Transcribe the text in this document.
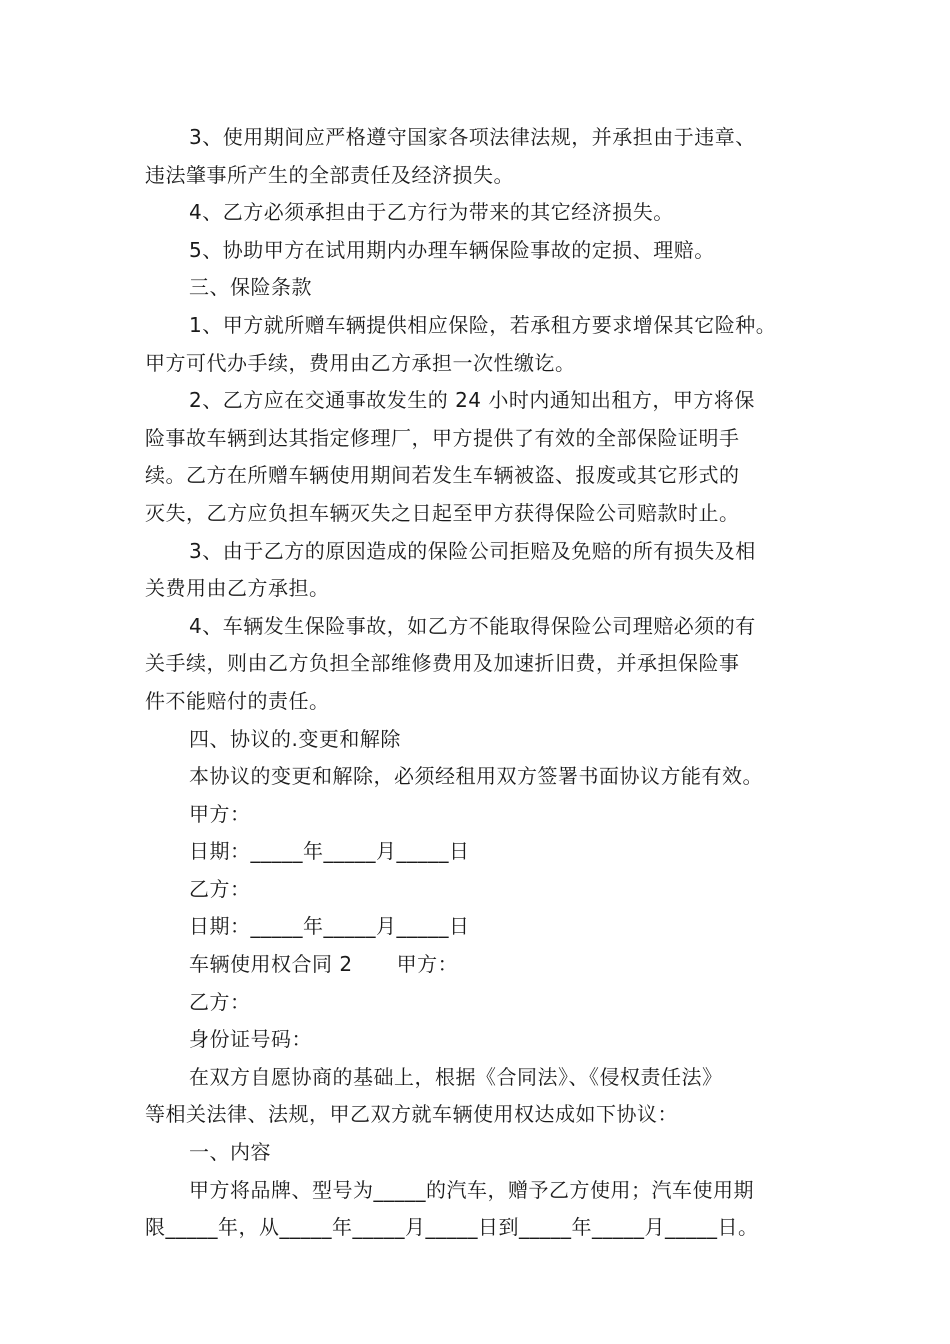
3、使用期间应严格遵守国家各项法律法规，并承担由于违章、
违法肇事所产生的全部责任及经济损失。
4、乙方必须承担由于乙方行为带来的其它经济损失。
5、协助甲方在试用期内办理车辆保险事故的定损、理赔。
三、保险条款
1、甲方就所赠车辆提供相应保险，若承租方要求增保其它险种。
甲方可代办手续，费用由乙方承担一次性缴讫。
2、乙方应在交通事故发生的 24 小时内通知出租方，甲方将保
险事故车辆到达其指定修理厂，甲方提供了有效的全部保险证明手
续。乙方在所赠车辆使用期间若发生车辆被盗、报废或其它形式的
灭失，乙方应负担车辆灭失之日起至甲方获得保险公司赔款时止。
3、由于乙方的原因造成的保险公司拒赔及免赔的所有损失及相
关费用由乙方承担。
4、车辆发生保险事故，如乙方不能取得保险公司理赔必须的有
关手续，则由乙方负担全部维修费用及加速折旧费，并承担保险事
件不能赔付的责任。
四、协议的.变更和解除
本协议的变更和解除，必须经租用双方签署书面协议方能有效。
甲方：
日期：_____年_____月_____日
乙方：
日期：_____年_____月_____日
车辆使用权合同 2 甲方：
乙方：
身份证号码：
在双方自愿协商的基础上，根据《合同法》、《侵权责任法》
等相关法律、法规，甲乙双方就车辆使用权达成如下协议：
一、内容
甲方将品牌、型号为_____的汽车，赠予乙方使用；汽车使用期
限_____年，从_____年_____月_____日到_____年_____月_____日。
